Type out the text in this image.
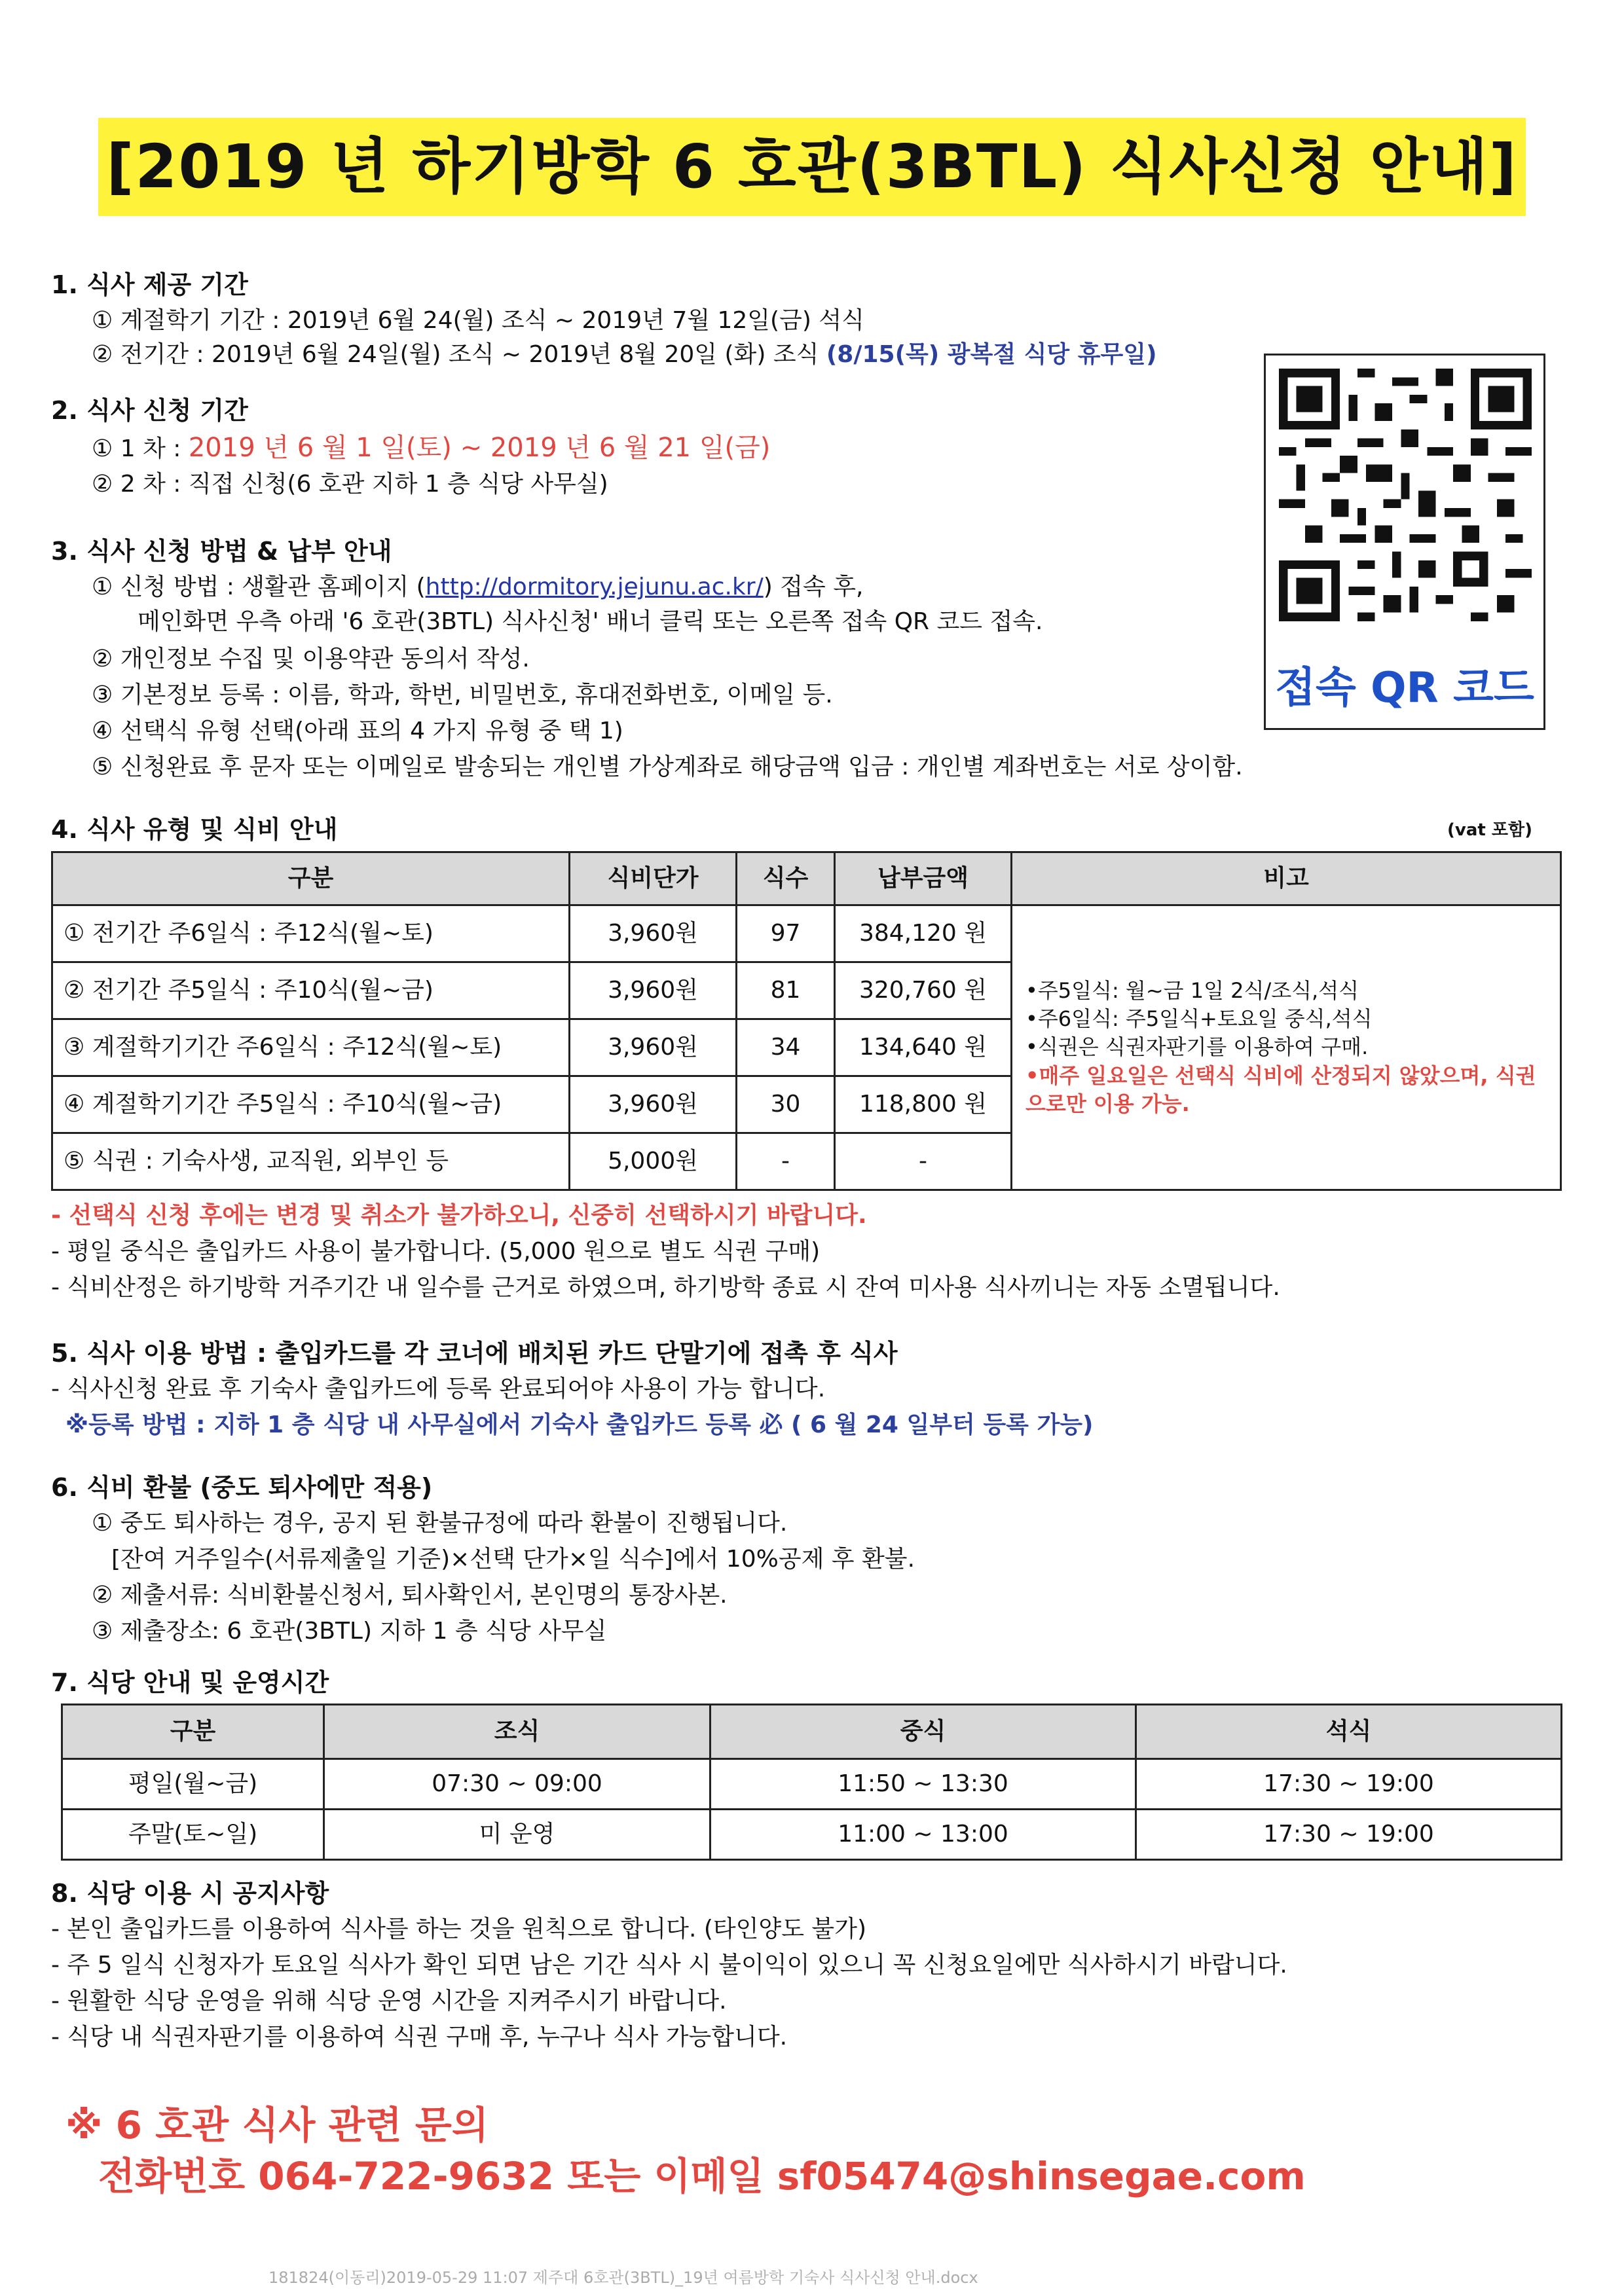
[2019 년 하기방학 6 호관(3BTL) 식사신청 안내]
1. 식사 제공 기간
① 계절학기 기간 : 2019년 6월 24(월) 조식 ~ 2019년 7월 12일(금) 석식
② 전기간 : 2019년 6월 24일(월) 조식 ~ 2019년 8월 20일 (화) 조식 (8/15(목) 광복절 식당 휴무일)
2. 식사 신청 기간
① 1 차 : 2019 년 6 월 1 일(토) ~ 2019 년 6 월 21 일(금)
② 2 차 : 직접 신청(6 호관 지하 1 층 식당 사무실)
3. 식사 신청 방법 & 납부 안내
① 신청 방법 : 생활관 홈페이지 (http://dormitory.jejunu.ac.kr/) 접속 후,
메인화면 우측 아래 '6 호관(3BTL) 식사신청' 배너 클릭 또는 오른쪽 접속 QR 코드 접속.
② 개인정보 수집 및 이용약관 동의서 작성.
③ 기본정보 등록 : 이름, 학과, 학번, 비밀번호, 휴대전화번호, 이메일 등.
④ 선택식 유형 선택(아래 표의 4 가지 유형 중 택 1)
⑤ 신청완료 후 문자 또는 이메일로 발송되는 개인별 가상계좌로 해당금액 입금 : 개인별 계좌번호는 서로 상이함.
접속 QR 코드
4. 식사 유형 및 식비 안내	(vat 포함)
구분	식비단가	식수	납부금액	비고
① 전기간 주6일식 : 주12식(월~토)	3,960원	97	384,120 원	•주5일식: 월~금 1일 2식/조식,석식
•주6일식: 주5일식+토요일 중식,석식
•식권은 식권자판기를 이용하여 구매.
•매주 일요일은 선택식 식비에 산정되지 않았으며, 식권으로만 이용 가능.

② 전기간 주5일식 : 주10식(월~금)	3,960원	81	320,760 원	
③ 계절학기기간 주6일식 : 주12식(월~토)	3,960원	34	134,640 원	
④ 계절학기기간 주5일식 : 주10식(월~금)	3,960원	30	118,800 원	
⑤ 식권 : 기숙사생, 교직원, 외부인 등	5,000원	-	-	
- 선택식 신청 후에는 변경 및 취소가 불가하오니, 신중히 선택하시기 바랍니다.
- 평일 중식은 출입카드 사용이 불가합니다. (5,000 원으로 별도 식권 구매)
- 식비산정은 하기방학 거주기간 내 일수를 근거로 하였으며, 하기방학 종료 시 잔여 미사용 식사끼니는 자동 소멸됩니다.
5. 식사 이용 방법 : 출입카드를 각 코너에 배치된 카드 단말기에 접촉 후 식사
- 식사신청 완료 후 기숙사 출입카드에 등록 완료되어야 사용이 가능 합니다.
※등록 방법 : 지하 1 층 식당 내 사무실에서 기숙사 출입카드 등록 必 ( 6 월 24 일부터 등록 가능)
6. 식비 환불 (중도 퇴사에만 적용)
① 중도 퇴사하는 경우, 공지 된 환불규정에 따라 환불이 진행됩니다.
[잔여 거주일수(서류제출일 기준)×선택 단가×일 식수]에서 10%공제 후 환불.
② 제출서류: 식비환불신청서, 퇴사확인서, 본인명의 통장사본.
③ 제출장소: 6 호관(3BTL) 지하 1 층 식당 사무실
7. 식당 안내 및 운영시간
구분	조식	중식	석식
평일(월~금)	07:30 ~ 09:00	11:50 ~ 13:30	17:30 ~ 19:00
주말(토~일)	미 운영	11:00 ~ 13:00	17:30 ~ 19:00
8. 식당 이용 시 공지사항
- 본인 출입카드를 이용하여 식사를 하는 것을 원칙으로 합니다. (타인양도 불가)
- 주 5 일식 신청자가 토요일 식사가 확인 되면 남은 기간 식사 시 불이익이 있으니 꼭 신청요일에만 식사하시기 바랍니다.
- 원활한 식당 운영을 위해 식당 운영 시간을 지켜주시기 바랍니다.
- 식당 내 식권자판기를 이용하여 식권 구매 후, 누구나 식사 가능합니다.
※ 6 호관 식사 관련 문의
전화번호 064-722-9632 또는 이메일 sf05474@shinsegae.com
181824(이동리)2019-05-29 11:07 제주대 6호관(3BTL)_19년 여름방학 기숙사 식사신청 안내.docx
